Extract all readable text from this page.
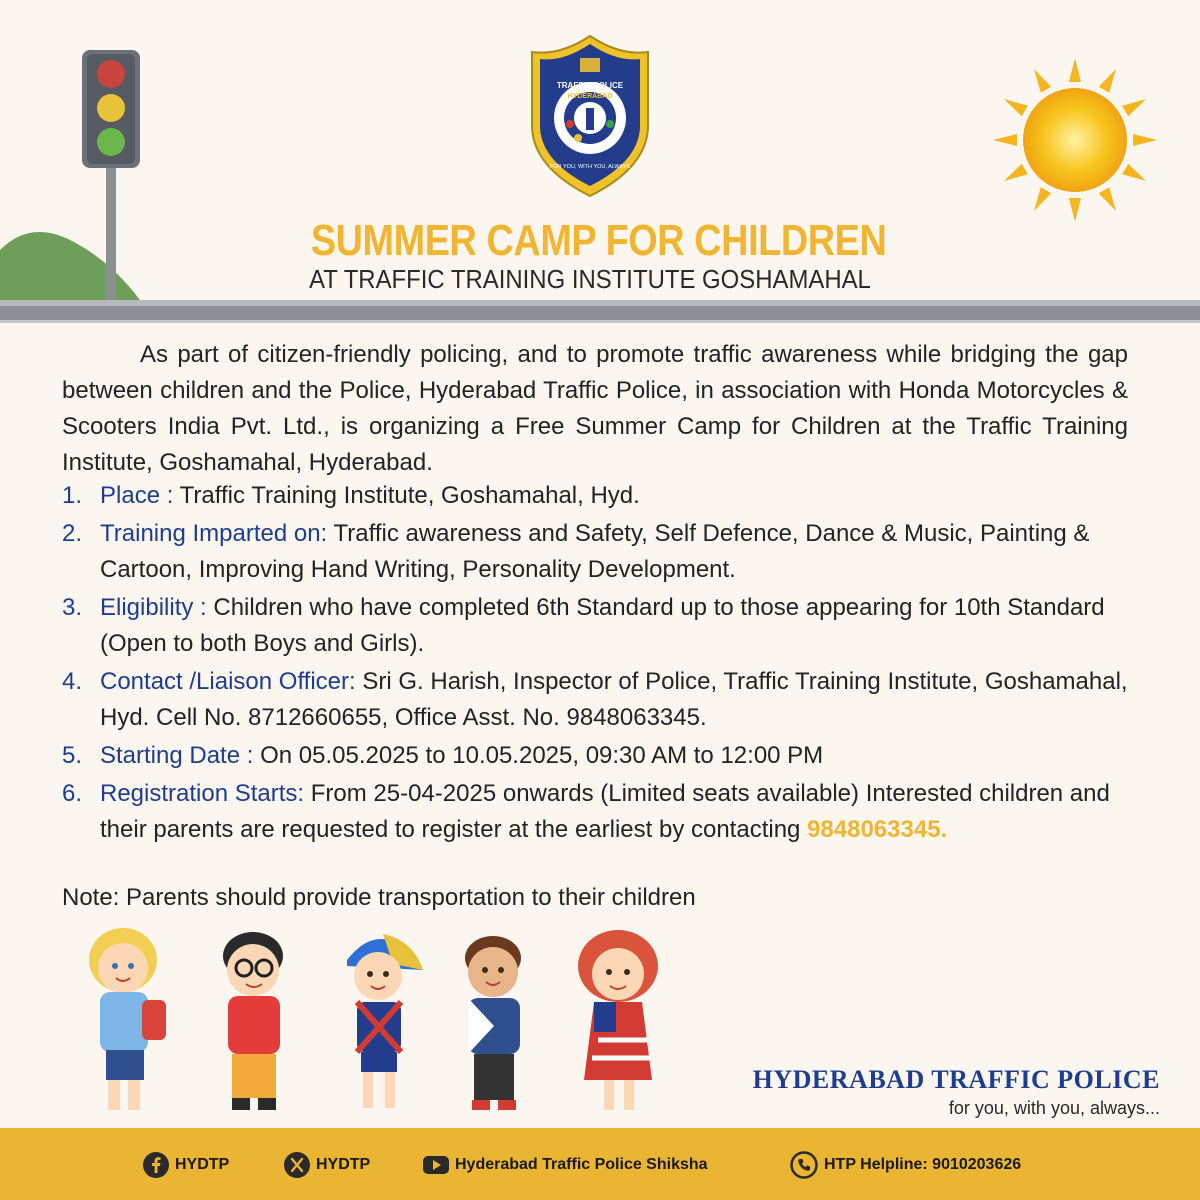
TRAFFIC POLICE
HYDERABAD
FOR YOU, WITH YOU, ALWAYS
SUMMER CAMP FOR CHILDREN
AT TRAFFIC TRAINING INSTITUTE GOSHAMAHAL
As part of citizen-friendly policing, and to promote traffic awareness while bridging the gap between children and the Police, Hyderabad Traffic Police, in association with Honda Motorcycles & Scooters India Pvt. Ltd., is organizing a Free Summer Camp for Children at the Traffic Training Institute, Goshamahal, Hyderabad.
1. Place : Traffic Training Institute, Goshamahal, Hyd.
2. Training Imparted on: Traffic awareness and Safety, Self Defence, Dance & Music, Painting & Cartoon, Improving Hand Writing, Personality Development.
3. Eligibility : Children who have completed 6th Standard up to those appearing for 10th Standard (Open to both Boys and Girls).
4. Contact /Liaison Officer: Sri G. Harish, Inspector of Police, Traffic Training Institute, Goshamahal, Hyd. Cell No. 8712660655, Office Asst. No. 9848063345.
5. Starting Date : On 05.05.2025 to 10.05.2025, 09:30 AM to 12:00 PM
6. Registration Starts: From 25-04-2025 onwards (Limited seats available) Interested children and their parents are requested to register at the earliest by contacting 9848063345.
Note: Parents should provide transportation to their children
HYDERABAD TRAFFIC POLICE
for you, with you, always...
HYDTP	HYDTP	Hyderabad Traffic Police Shiksha	HTP Helpline: 9010203626
